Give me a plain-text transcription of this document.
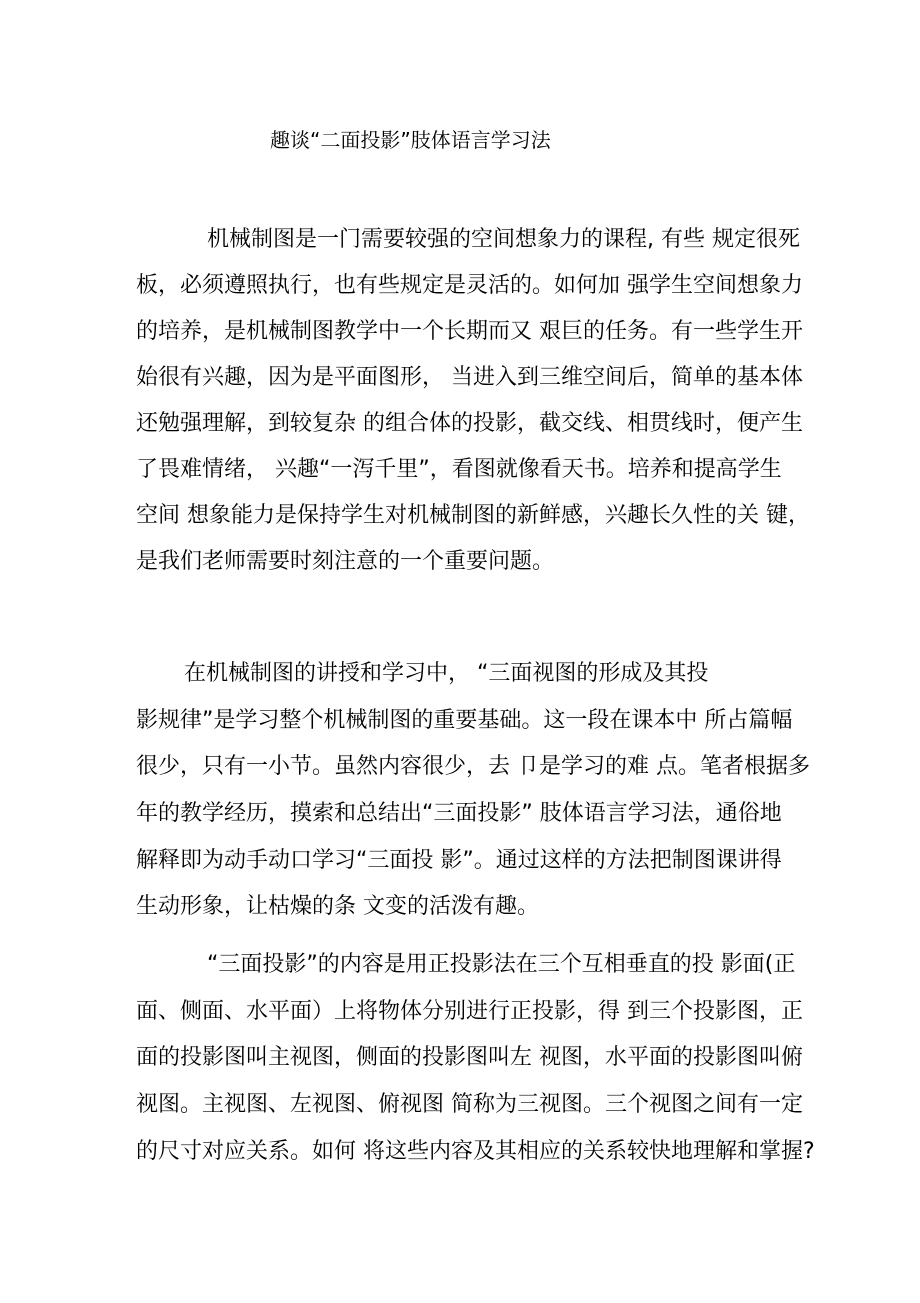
趣谈“二面投影”肢体语言学习法
机械制图是一门需要较强的空间想象力的课程, 有些 规定很死
板，必须遵照执行，也有些规定是灵活的。如何加 强学生空间想象力
的培养，是机械制图教学中一个长期而又 艰巨的任务。有一些学生开
始很有兴趣，因为是平面图形， 当进入到三维空间后，简单的基本体
还勉强理解，到较复杂 的组合体的投影，截交线、相贯线时，便产生
了畏难情绪， 兴趣“一泻千里”，看图就像看天书。培养和提高学生
空间 想象能力是保持学生对机械制图的新鲜感，兴趣长久性的关 键，
是我们老师需要时刻注意的一个重要问题。
在机械制图的讲授和学习中， “三面视图的形成及其投
影规律”是学习整个机械制图的重要基础。这一段在课本中 所占篇幅
很少，只有一小节。虽然内容很少，去 卩是学习的难 点。笔者根据多
年的教学经历，摸索和总结出“三面投影” 肢体语言学习法，通俗地
解释即为动手动口学习“三面投 影”。通过这样的方法把制图课讲得
生动形象，让枯燥的条 文变的活泼有趣。
“三面投影”的内容是用正投影法在三个互相垂直的投 影面(正
面、侧面、水平面）上将物体分别进行正投影，得 到三个投影图，正
面的投影图叫主视图，侧面的投影图叫左 视图，水平面的投影图叫俯
视图。主视图、左视图、俯视图 简称为三视图。三个视图之间有一定
的尺寸对应关系。如何 将这些内容及其相应的关系较快地理解和掌握?
